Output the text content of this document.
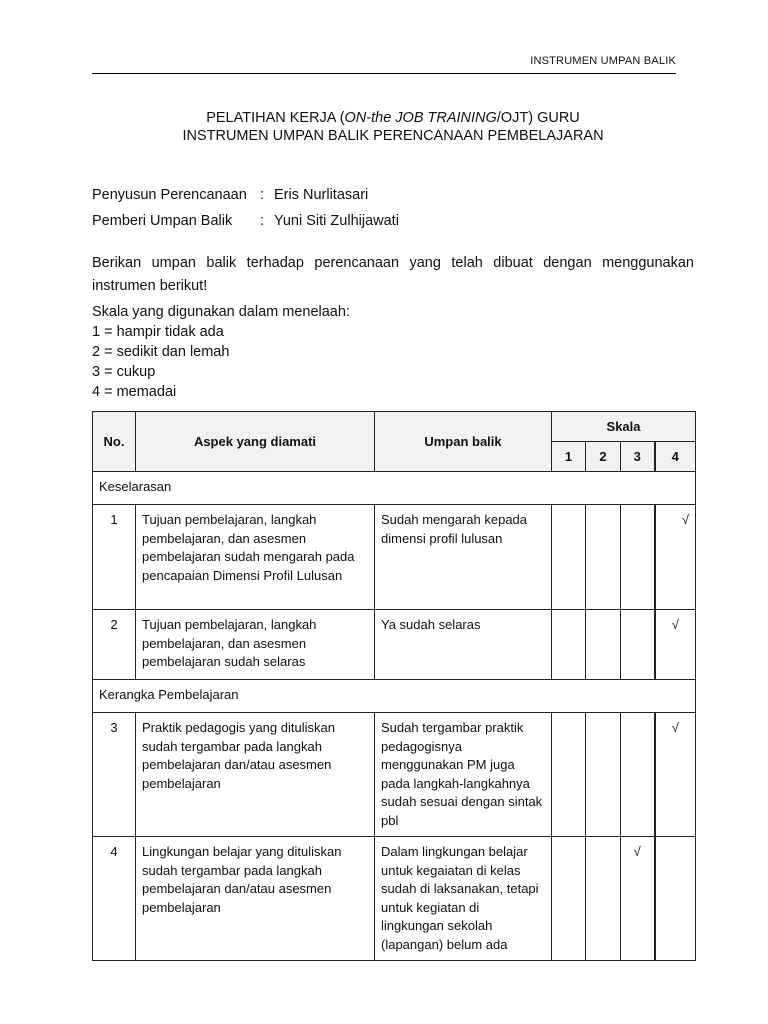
INSTRUMEN UMPAN BALIK
PELATIHAN KERJA (ON-the JOB TRAINING/OJT) GURU
INSTRUMEN UMPAN BALIK PERENCANAAN PEMBELAJARAN
Penyusun Perencanaan : Eris Nurlitasari
Pemberi Umpan Balik : Yuni Siti Zulhijawati
Berikan umpan balik terhadap perencanaan yang telah dibuat dengan menggunakan instrumen berikut!
Skala yang digunakan dalam menelaah:
1 = hampir tidak ada
2 = sedikit dan lemah
3 = cukup
4 = memadai
No.	Aspek yang diamati	Umpan balik	Skala			
			1	2	3	4
Keselarasan						
1	Tujuan pembelajaran, langkah pembelajaran, dan asesmen pembelajaran sudah mengarah pada pencapaian Dimensi Profil Lulusan	Sudah mengarah kepada dimensi profil lulusan				√
2	Tujuan pembelajaran, langkah pembelajaran, dan asesmen pembelajaran sudah selaras	Ya sudah selaras				√
Kerangka Pembelajaran						
3	Praktik pedagogis yang dituliskan sudah tergambar pada langkah pembelajaran dan/atau asesmen pembelajaran	Sudah tergambar praktik pedagogisnya menggunakan PM juga pada langkah-langkahnya sudah sesuai dengan sintak pbl				√
4	Lingkungan belajar yang dituliskan sudah tergambar pada langkah pembelajaran dan/atau asesmen pembelajaran	Dalam lingkungan belajar untuk kegaiatan di kelas sudah di laksanakan, tetapi untuk kegiatan di lingkungan sekolah (lapangan) belum ada			√	
